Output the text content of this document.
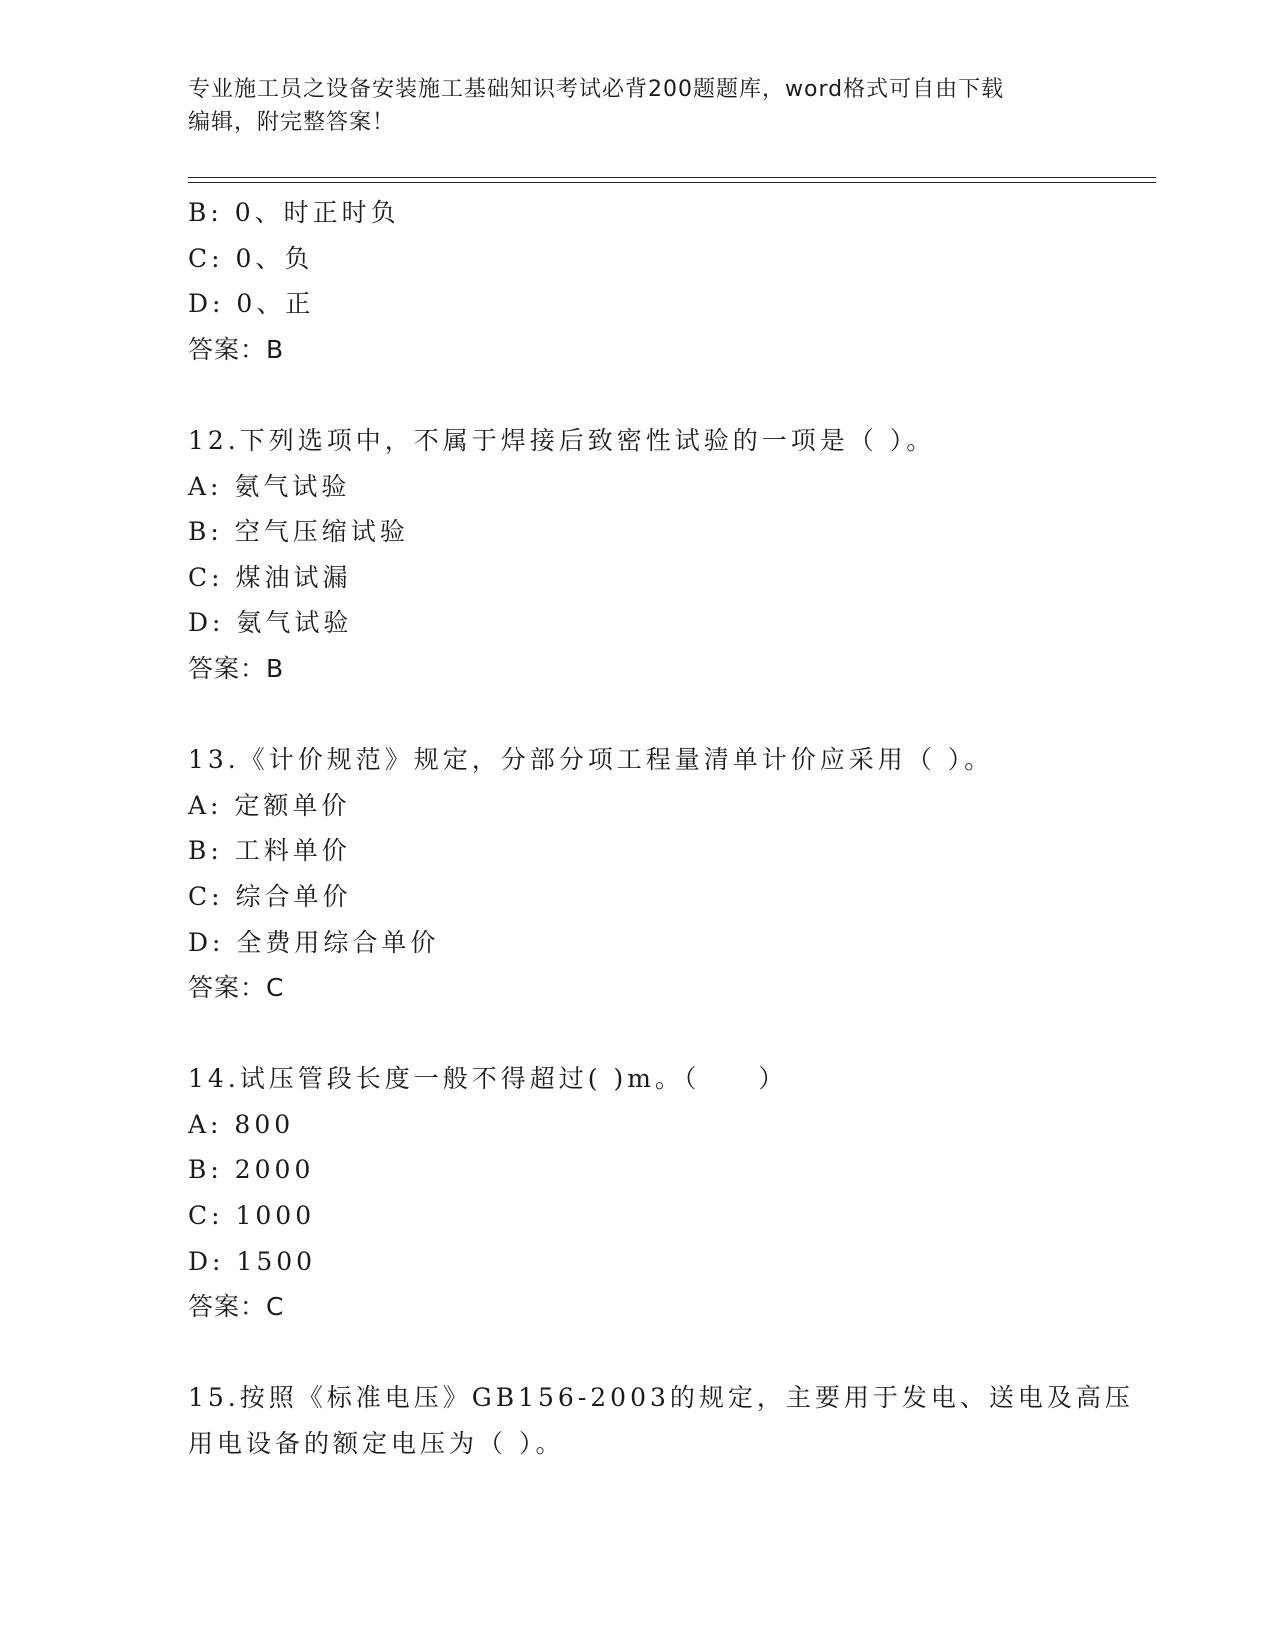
专业施工员之设备安装施工基础知识考试必背200题题库，word格式可自由下载
编辑，附完整答案！
B: 0、时正时负
C: 0、负
D: 0、正
答案：B
12.下列选项中，不属于焊接后致密性试验的一项是（ ）。
A: 氨气试验
B: 空气压缩试验
C: 煤油试漏
D: 氨气试验
答案：B
13.《计价规范》规定，分部分项工程量清单计价应采用（ ）。
A: 定额单价
B: 工料单价
C: 综合单价
D: 全费用综合单价
答案：C
14.试压管段长度一般不得超过( )m。（　　）
A: 800
B: 2000
C: 1000
D: 1500
答案：C
15.按照《标准电压》GB156-2003的规定，主要用于发电、送电及高压
用电设备的额定电压为（ ）。
